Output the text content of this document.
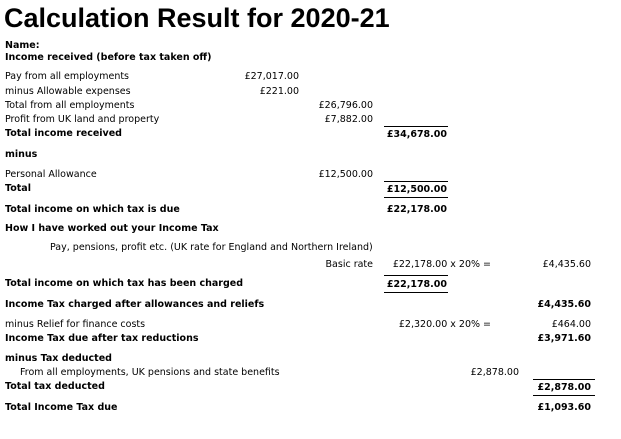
Calculation Result for 2020-21
Name:
Income received (before tax taken off)
Pay from all employments	£27,017.00
minus Allowable expenses	£221.00
Total from all employments	£26,796.00
Profit from UK land and property	£7,882.00
Total income received	£34,678.00
minus
Personal Allowance	£12,500.00
Total	£12,500.00
Total income on which tax is due	£22,178.00
How I have worked out your Income Tax
Pay, pensions, profit etc. (UK rate for England and Northern Ireland)
Basic rate £22,178.00 x 20% =	£4,435.60
Total income on which tax has been charged	£22,178.00
Income Tax charged after allowances and reliefs	£4,435.60
minus Relief for finance costs	£2,320.00 x 20% =	£464.00
Income Tax due after tax reductions	£3,971.60
minus Tax deducted
From all employments, UK pensions and state benefits	£2,878.00
Total tax deducted	£2,878.00
Total Income Tax due	£1,093.60
